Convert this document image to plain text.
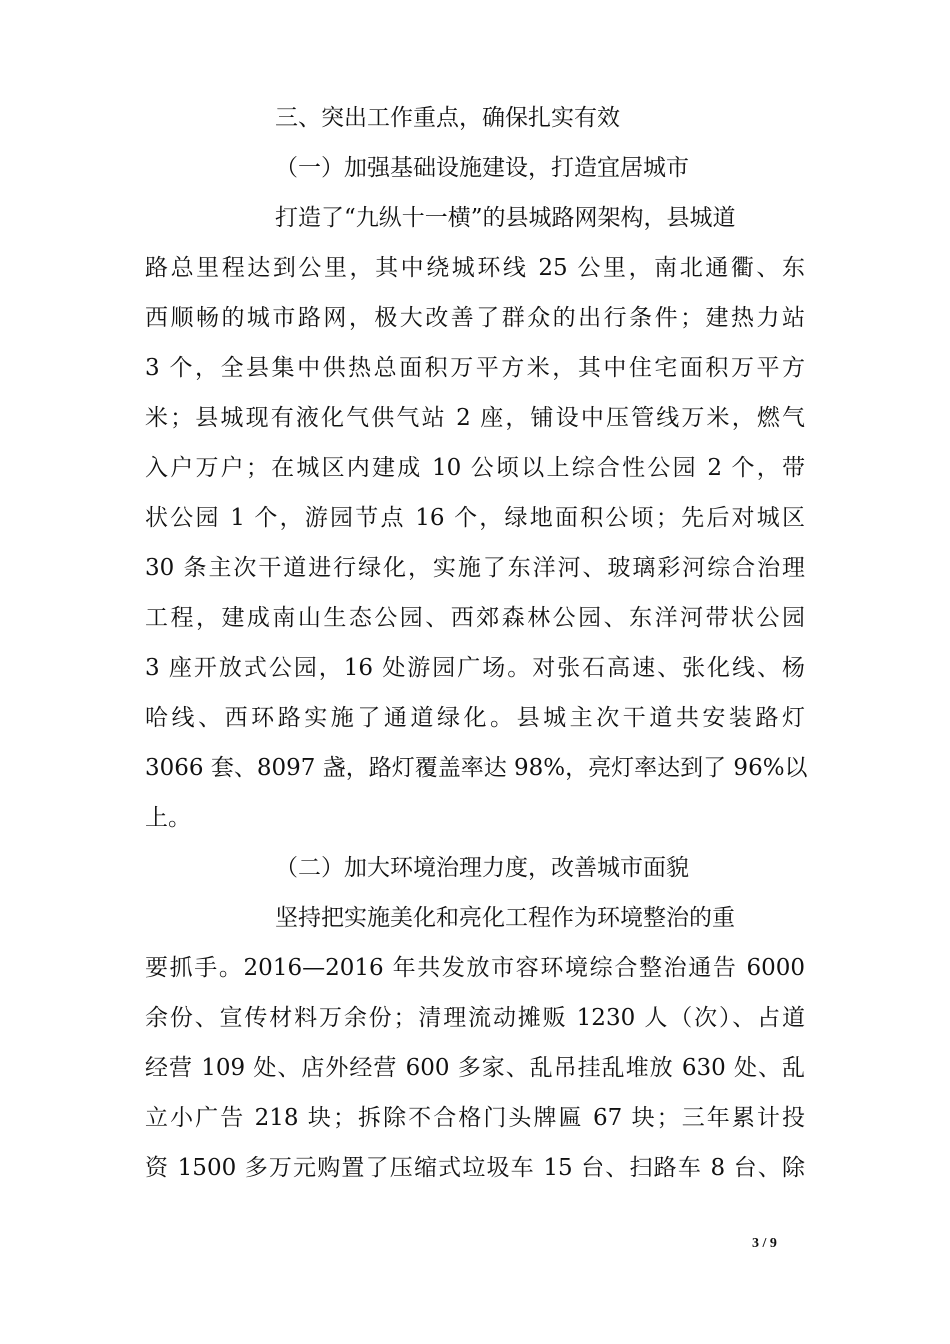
三、突出工作重点，确保扎实有效
（一）加强基础设施建设，打造宜居城市
打造了“九纵十一横”的县城路网架构，县城道
路总里程达到公里，其中绕城环线 25 公里，南北通衢、东
西顺畅的城市路网，极大改善了群众的出行条件；建热力站
3 个，全县集中供热总面积万平方米，其中住宅面积万平方
米；县城现有液化气供气站 2 座，铺设中压管线万米，燃气
入户万户；在城区内建成 10 公顷以上综合性公园 2 个，带
状公园 1 个，游园节点 16 个，绿地面积公顷；先后对城区
30 条主次干道进行绿化，实施了东洋河、玻璃彩河综合治理
工程，建成南山生态公园、西郊森林公园、东洋河带状公园
3 座开放式公园，16 处游园广场。对张石高速、张化线、杨
哈线、西环路实施了通道绿化。县城主次干道共安装路灯
3066 套、8097 盏，路灯覆盖率达 98%，亮灯率达到了 96%以
上。
（二）加大环境治理力度，改善城市面貌
坚持把实施美化和亮化工程作为环境整治的重
要抓手。2016—2016 年共发放市容环境综合整治通告 6000
余份、宣传材料万余份；清理流动摊贩 1230 人（次）、占道
经营 109 处、店外经营 600 多家、乱吊挂乱堆放 630 处、乱
立小广告 218 块；拆除不合格门头牌匾 67 块；三年累计投
资 1500 多万元购置了压缩式垃圾车 15 台、扫路车 8 台、除
3 / 9
